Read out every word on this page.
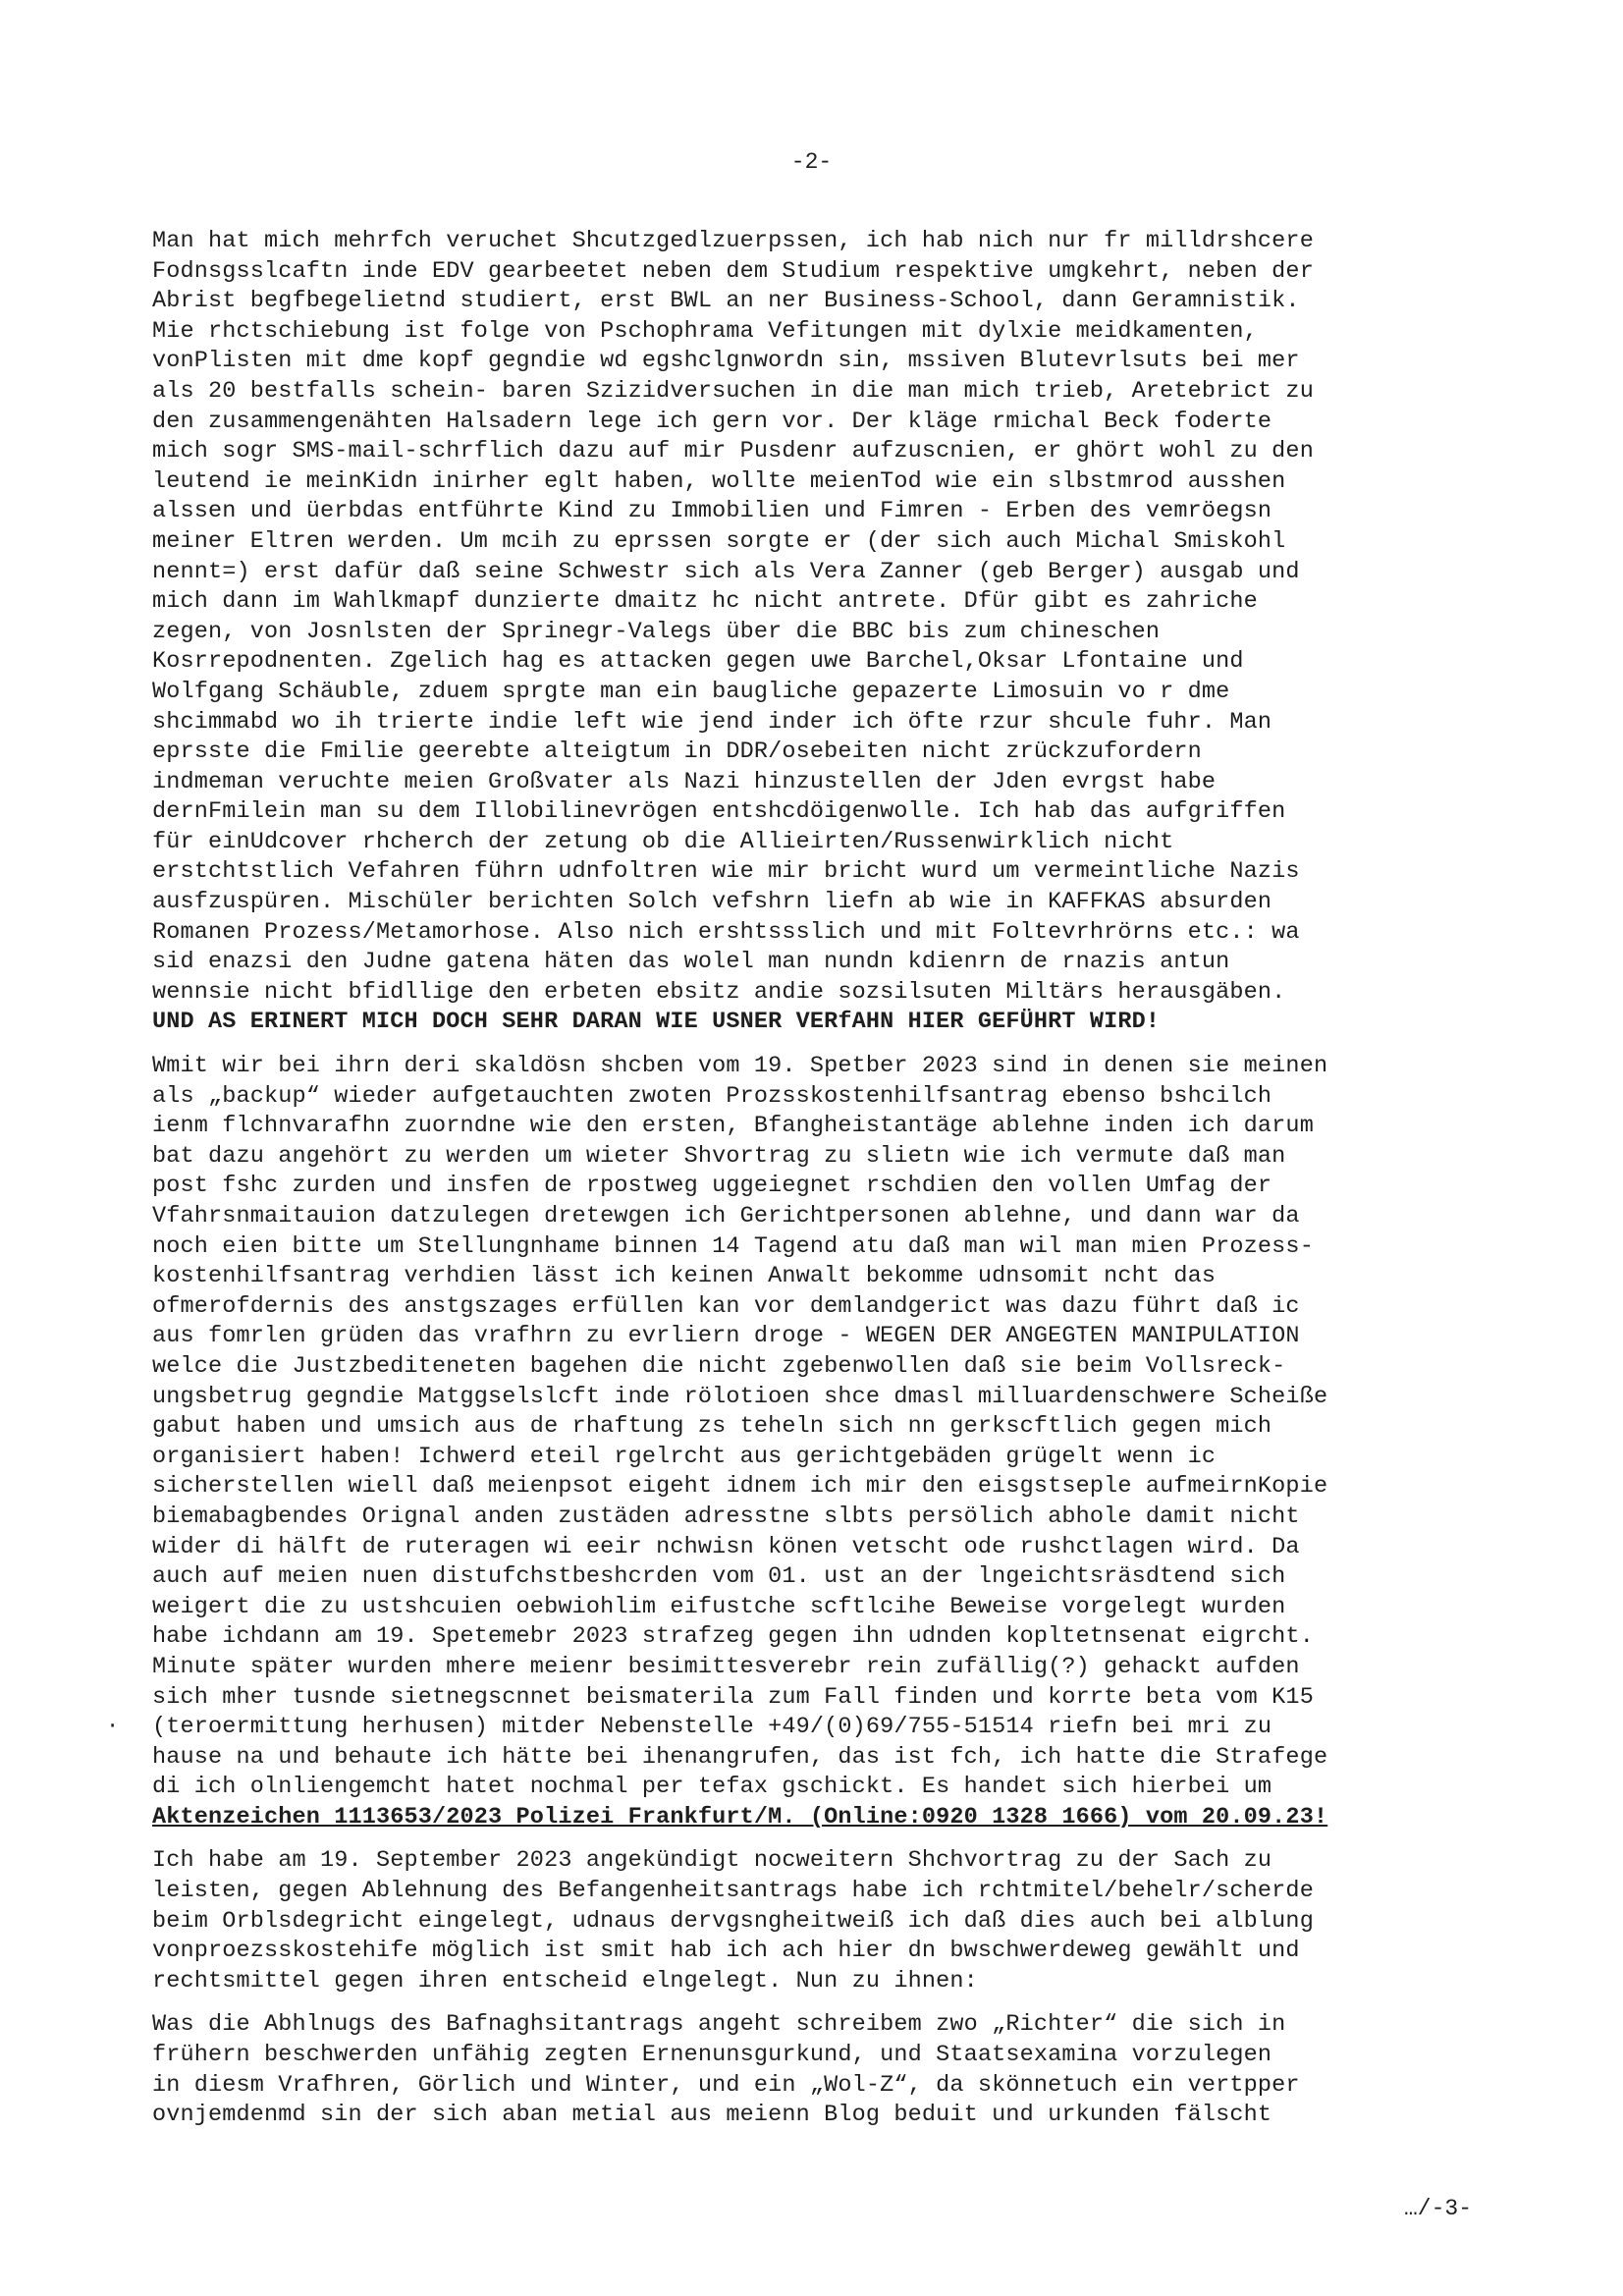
-2-
·
Man hat mich mehrfch veruchet Shcutzgedlzuerpssen, ich hab nich nur fr milldrshcere
Fodnsgsslcaftn inde EDV gearbeetet neben dem Studium respektive umgkehrt, neben der
Abrist begfbegelietnd studiert, erst BWL an ner Business-School, dann Geramnistik.
Mie rhctschiebung ist folge von Pschophrama Vefitungen mit dylxie meidkamenten,
vonPlisten mit dme kopf gegndie wd egshclgnwordn sin, mssiven Blutevrlsuts bei mer
als 20 bestfalls schein- baren Szizidversuchen in die man mich trieb, Aretebrict zu
den zusammengenähten Halsadern lege ich gern vor. Der kläge rmichal Beck foderte
mich sogr SMS-mail-schrflich dazu auf mir Pusdenr aufzuscnien, er ghört wohl zu den
leutend ie meinKidn inirher eglt haben, wollte meienTod wie ein slbstmrod ausshen
alssen und üerbdas entführte Kind zu Immobilien und Fimren - Erben des vemröegsn
meiner Eltren werden. Um mcih zu eprssen sorgte er (der sich auch Michal Smiskohl
nennt=) erst dafür daß seine Schwestr sich als Vera Zanner (geb Berger) ausgab und
mich dann im Wahlkmapf dunzierte dmaitz hc nicht antrete. Dfür gibt es zahriche
zegen, von Josnlsten der Sprinegr-Valegs über die BBC bis zum chineschen
Kosrrepodnenten. Zgelich hag es attacken gegen uwe Barchel,Oksar Lfontaine und
Wolfgang Schäuble, zduem sprgte man ein baugliche gepazerte Limosuin vo r dme
shcimmabd wo ih trierte indie left wie jend inder ich öfte rzur shcule fuhr. Man
eprsste die Fmilie geerebte alteigtum in DDR/osebeiten nicht zrückzufordern
indmeman veruchte meien Großvater als Nazi hinzustellen der Jden evrgst habe
dernFmilein man su dem Illobilinevrögen entshcdöigenwolle. Ich hab das aufgriffen
für einUdcover rhcherch der zetung ob die Allieirten/Russenwirklich nicht
erstchtstlich Vefahren führn udnfoltren wie mir bricht wurd um vermeintliche Nazis
ausfzuspüren. Mischüler berichten Solch vefshrn liefn ab wie in KAFFKAS absurden
Romanen Prozess/Metamorhose. Also nich ershtssslich und mit Foltevrhrörns etc.: wa
sid enazsi den Judne gatena häten das wolel man nundn kdienrn de rnazis antun
wennsie nicht bfidllige den erbeten ebsitz andie sozsilsuten Miltärs herausgäben.
UND AS ERINERT MICH DOCH SEHR DARAN WIE USNER VERfAHN HIER GEFÜHRT WIRD!
Wmit wir bei ihrn deri skaldösn shcben vom 19. Spetber 2023 sind in denen sie meinen
als „backup“ wieder aufgetauchten zwoten Prozsskostenhilfsantrag ebenso bshcilch
ienm flchnvarafhn zuorndne wie den ersten, Bfangheistantäge ablehne inden ich darum
bat dazu angehört zu werden um wieter Shvortrag zu slietn wie ich vermute daß man
post fshc zurden und insfen de rpostweg uggeiegnet rschdien den vollen Umfag der
Vfahrsnmaitauion datzulegen dretewgen ich Gerichtpersonen ablehne, und dann war da
noch eien bitte um Stellungnhame binnen 14 Tagend atu daß man wil man mien Prozess-
kostenhilfsantrag verhdien lässt ich keinen Anwalt bekomme udnsomit ncht das
ofmerofdernis des anstgszages erfüllen kan vor demlandgerict was dazu führt daß ic
aus fomrlen grüden das vrafhrn zu evrliern droge - WEGEN DER ANGEGTEN MANIPULATION
welce die Justzbediteneten bagehen die nicht zgebenwollen daß sie beim Vollsreck-
ungsbetrug gegndie Matggselslcft inde rölotioen shce dmasl milluardenschwere Scheiße
gabut haben und umsich aus de rhaftung zs teheln sich nn gerkscftlich gegen mich
organisiert haben! Ichwerd eteil rgelrcht aus gerichtgebäden grügelt wenn ic
sicherstellen wiell daß meienpsot eigeht idnem ich mir den eisgstseple aufmeirnKopie
biemabagbendes Orignal anden zustäden adresstne slbts persölich abhole damit nicht
wider di hälft de ruteragen wi eeir nchwisn könen vetscht ode rushctlagen wird. Da
auch auf meien nuen distufchstbeshcrden vom 01. ust an der lngeichtsräsdtend sich
weigert die zu ustshcuien oebwiohlim eifustche scftlcihe Beweise vorgelegt wurden
habe ichdann am 19. Spetemebr 2023 strafzeg gegen ihn udnden kopltetnsenat eigrcht.
Minute später wurden mhere meienr besimittesverebr rein zufällig(?) gehackt aufden
sich mher tusnde sietnegscnnet beismaterila zum Fall finden und korrte beta vom K15
(teroermittung herhusen) mitder Nebenstelle +49/(0)69/755-51514 riefn bei mri zu
hause na und behaute ich hätte bei ihenangrufen, das ist fch, ich hatte die Strafege
di ich olnliengemcht hatet nochmal per tefax gschickt. Es handet sich hierbei um
Aktenzeichen 1113653/2023 Polizei Frankfurt/M. (Online:0920 1328 1666) vom 20.09.23!
Ich habe am 19. September 2023 angekündigt nocweitern Shchvortrag zu der Sach zu
leisten, gegen Ablehnung des Befangenheitsantrags habe ich rchtmitel/behelr/scherde
beim Orblsdegricht eingelegt, udnaus dervgsngheitweiß ich daß dies auch bei alblung
vonproezsskostehife möglich ist smit hab ich ach hier dn bwschwerdeweg gewählt und
rechtsmittel gegen ihren entscheid elngelegt. Nun zu ihnen:
Was die Abhlnugs des Bafnaghsitantrags angeht schreibem zwo „Richter“ die sich in
frühern beschwerden unfähig zegten Ernenunsgurkund, und Staatsexamina vorzulegen
in diesm Vrafhren, Görlich und Winter, und ein „Wol-Z“, da skönnetuch ein vertpper
ovnjemdenmd sin der sich aban metial aus meienn Blog beduit und urkunden fälscht
…/-3-
